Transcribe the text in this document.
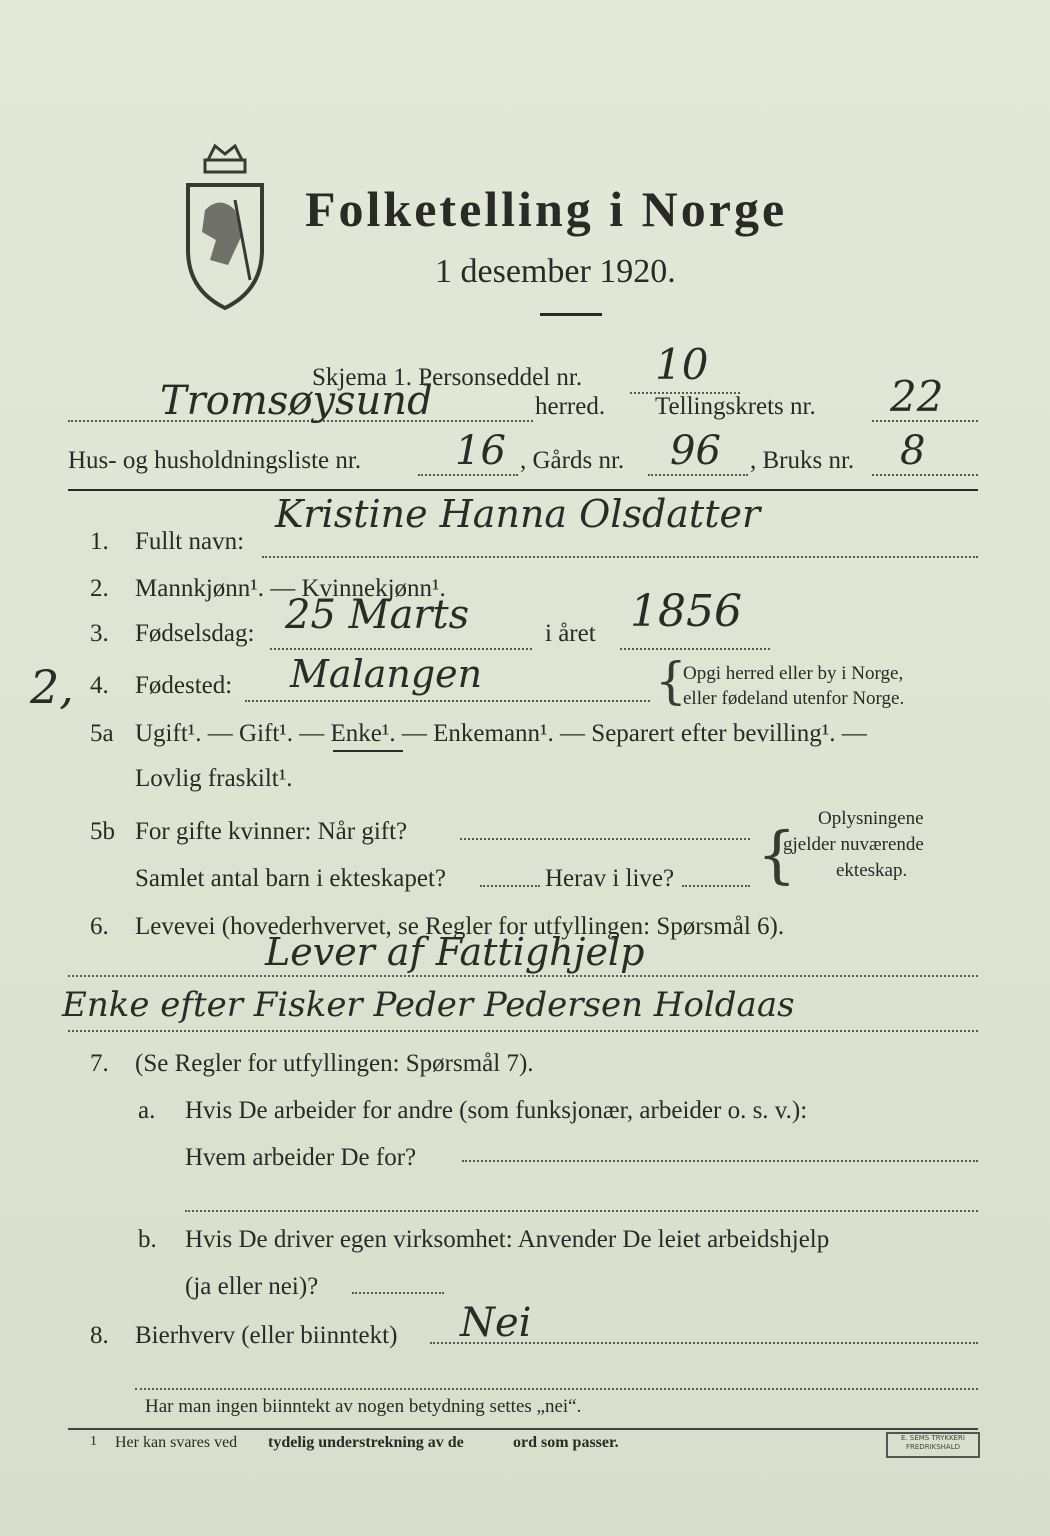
Folketelling i Norge
1 desember 1920.
Skjema 1. Personseddel nr. 10
Tromsøysund	herred. Tellingskrets nr. 22
Hus- og husholdningsliste nr. 16 , Gårds nr. 96 , Bruks nr. 8
1. Fullt navn:
Kristine Hanna Olsdatter
2. Mannkjønn¹. — Kvinnekjønn¹.
3. Fødselsdag: 25 Marts	i året 1856
2, 4. Fødested: Malangen	{
Opgi herred eller by i Norge,
eller fødeland utenfor Norge.
5a Ugift¹. — Gift¹. — Enke¹. — Enkemann¹. — Separert efter bevilling¹. —
Lovlig fraskilt¹.
5b For gifte kvinner: Når gift?
Samlet antal barn i ekteskapet?	Herav i live? { Oplysningene
gjelder nuværende
ekteskap.
6. Levevei (hovederhvervet, se Regler for utfyllingen: Spørsmål 6).
Lever af Fattighjelp
Enke efter Fisker Peder Pedersen Holdaas
7. (Se Regler for utfyllingen: Spørsmål 7).
a. Hvis De arbeider for andre (som funksjonær, arbeider o. s. v.):
Hvem arbeider De for?
b. Hvis De driver egen virksomhet: Anvender De leiet arbeidshjelp
(ja eller nei)?
8. Bierhverv (eller biinntekt) Nei
Har man ingen biinntekt av nogen betydning settes „nei“.
1 Her kan svares ved tydelig understrekning av de	ord som passer.	E. SEMS TRYKKERI FREDRIKSHALD
